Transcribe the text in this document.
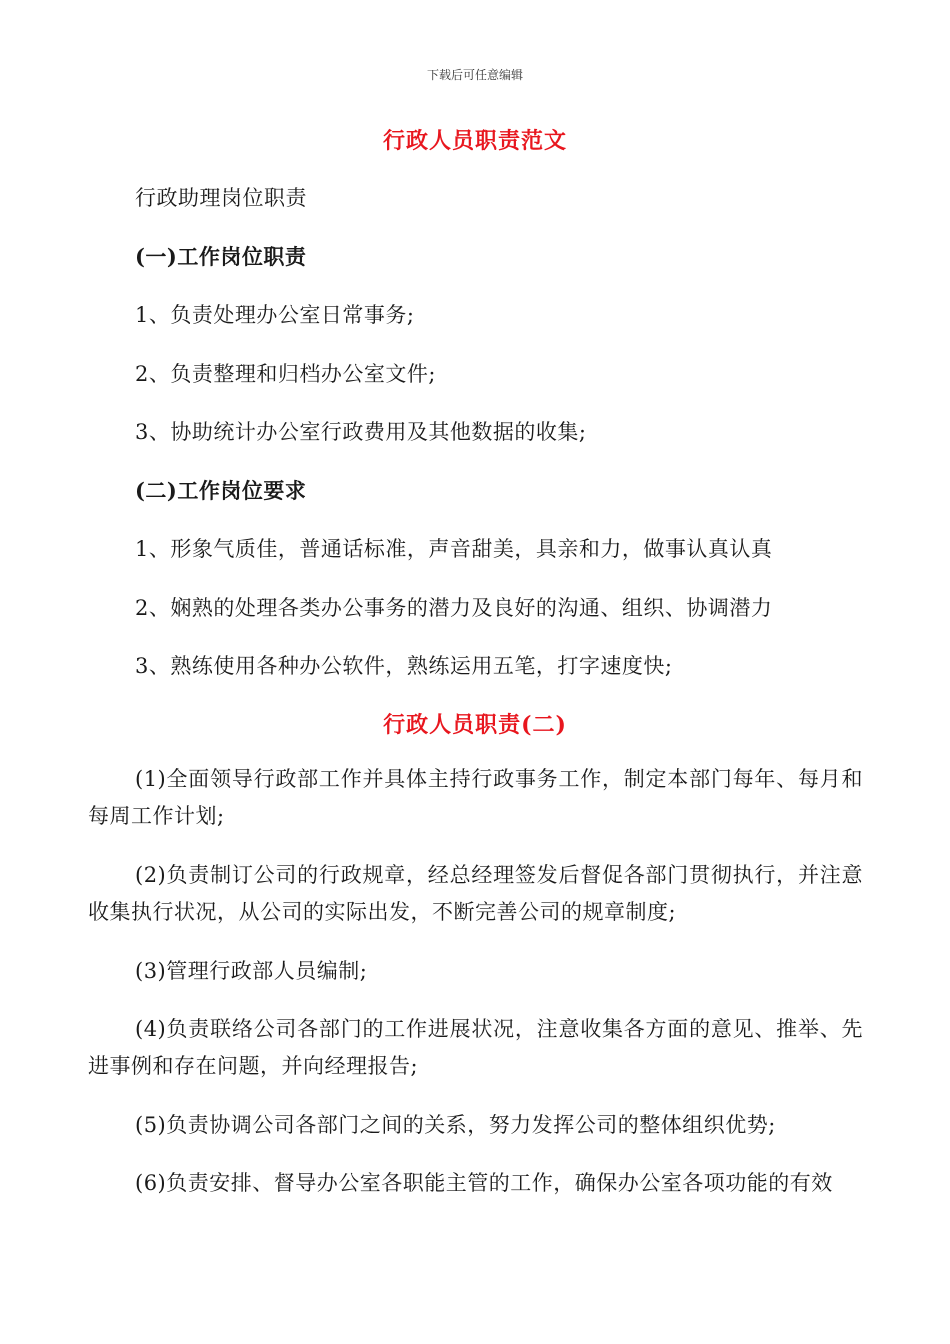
下载后可任意编辑
行政人员职责范文
行政助理岗位职责
(一)工作岗位职责
1、负责处理办公室日常事务;
2、负责整理和归档办公室文件;
3、协助统计办公室行政费用及其他数据的收集;
(二)工作岗位要求
1、形象气质佳，普通话标准，声音甜美，具亲和力，做事认真认真
2、娴熟的处理各类办公事务的潜力及良好的沟通、组织、协调潜力
3、熟练使用各种办公软件，熟练运用五笔，打字速度快;
行政人员职责(二)
(1)全面领导行政部工作并具体主持行政事务工作，制定本部门每年、每月和每周工作计划;
(2)负责制订公司的行政规章，经总经理签发后督促各部门贯彻执行，并注意收集执行状况，从公司的实际出发，不断完善公司的规章制度;
(3)管理行政部人员编制;
(4)负责联络公司各部门的工作进展状况，注意收集各方面的意见、推举、先进事例和存在问题，并向经理报告;
(5)负责协调公司各部门之间的关系，努力发挥公司的整体组织优势;
(6)负责安排、督导办公室各职能主管的工作，确保办公室各项功能的有效
